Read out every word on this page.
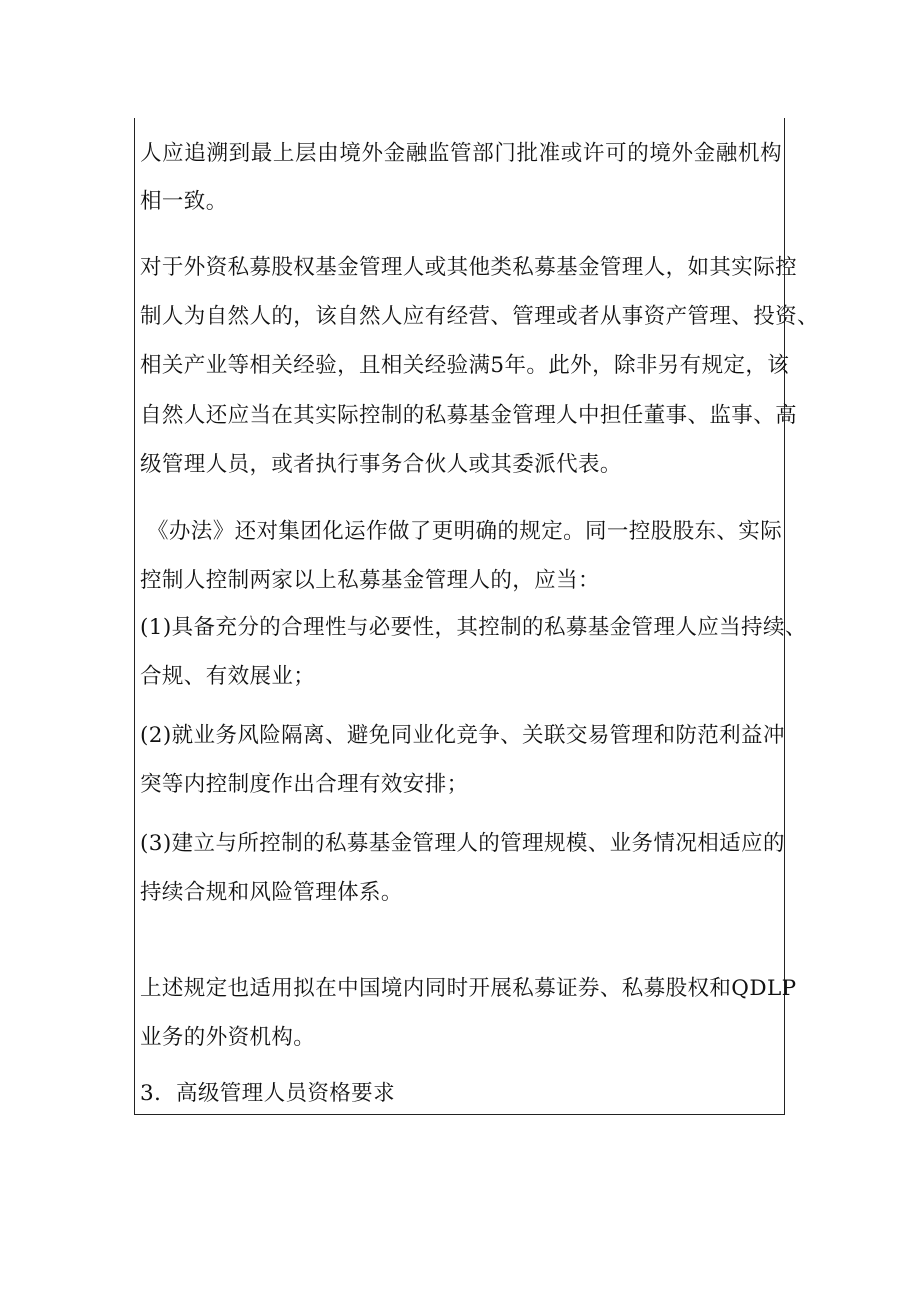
人应追溯到最上层由境外金融监管部门批准或许可的境外金融机构
相一致。
对于外资私募股权基金管理人或其他类私募基金管理人，如其实际控
制人为自然人的，该自然人应有经营、管理或者从事资产管理、投资、
相关产业等相关经验，且相关经验满5年。此外，除非另有规定，该
自然人还应当在其实际控制的私募基金管理人中担任董事、监事、高
级管理人员，或者执行事务合伙人或其委派代表。
《办法》还对集团化运作做了更明确的规定。同一控股股东、实际
控制人控制两家以上私募基金管理人的，应当：
(1)具备充分的合理性与必要性，其控制的私募基金管理人应当持续、
合规、有效展业；
(2)就业务风险隔离、避免同业化竞争、关联交易管理和防范利益冲
突等内控制度作出合理有效安排；
(3)建立与所控制的私募基金管理人的管理规模、业务情况相适应的
持续合规和风险管理体系。
上述规定也适用拟在中国境内同时开展私募证券、私募股权和QDLP
业务的外资机构。
3．高级管理人员资格要求
